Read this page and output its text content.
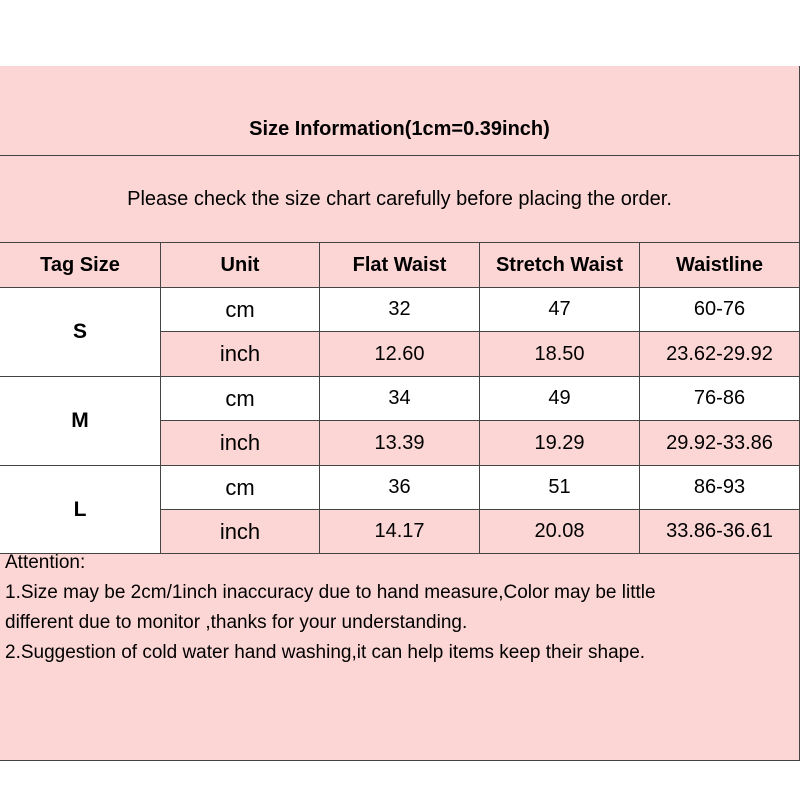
Size Information(1cm=0.39inch)
Please check the size chart carefully before placing the order.
Tag Size	Unit	Flat Waist	Stretch Waist	Waistline
S
cm	32	47	60-76
inch	12.60	18.50	23.62-29.92
M
cm	34	49	76-86
inch	13.39	19.29	29.92-33.86
L
cm	36	51	86-93
inch	14.17	20.08	33.86-36.61
Attention:
1.Size may be 2cm/1inch inaccuracy due to hand measure,Color may be little
different due to monitor ,thanks for your understanding.
2.Suggestion of cold water hand washing,it can help items keep their shape.
